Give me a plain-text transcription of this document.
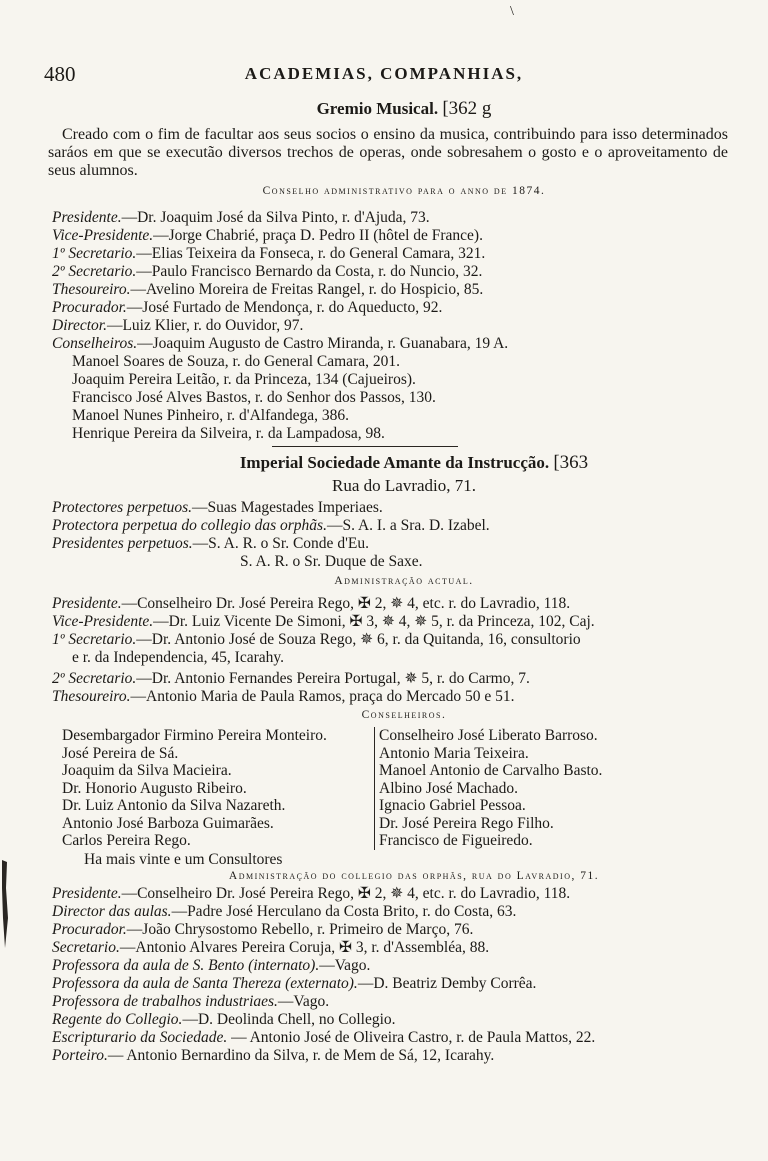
\
480	ACADEMIAS, COMPANHIAS,
Gremio Musical. [362 g
Creado com o fim de facultar aos seus socios o ensino da musica, contribuindo para isso determinados saráos em que se executão diversos trechos de operas, onde sobresahem o gosto e o aproveitamento de seus alumnos.
Conselho administrativo para o anno de 1874.
Presidente.—Dr. Joaquim José da Silva Pinto, r. d'Ajuda, 73.
Vice-Presidente.—Jorge Chabrié, praça D. Pedro II (hôtel de France).
1º Secretario.—Elias Teixeira da Fonseca, r. do General Camara, 321.
2º Secretario.—Paulo Francisco Bernardo da Costa, r. do Nuncio, 32.
Thesoureiro.—Avelino Moreira de Freitas Rangel, r. do Hospicio, 85.
Procurador.—José Furtado de Mendonça, r. do Aqueducto, 92.
Director.—Luiz Klier, r. do Ouvidor, 97.
Conselheiros.—Joaquim Augusto de Castro Miranda, r. Guanabara, 19 A.
Manoel Soares de Souza, r. do General Camara, 201.
Joaquim Pereira Leitão, r. da Princeza, 134 (Cajueiros).
Francisco José Alves Bastos, r. do Senhor dos Passos, 130.
Manoel Nunes Pinheiro, r. d'Alfandega, 386.
Henrique Pereira da Silveira, r. da Lampadosa, 98.
Imperial Sociedade Amante da Instrucção. [363
Rua do Lavradio, 71.
Protectores perpetuos.—Suas Magestades Imperiaes.
Protectora perpetua do collegio das orphãs.—S. A. I. a Sra. D. Izabel.
Presidentes perpetuos.—S. A. R. o Sr. Conde d'Eu.
S. A. R. o Sr. Duque de Saxe.
Administração actual.
Presidente.—Conselheiro Dr. José Pereira Rego, ✠ 2, ✵ 4, etc. r. do Lavradio, 118.
Vice-Presidente.—Dr. Luiz Vicente De Simoni, ✠ 3, ✵ 4, ✵ 5, r. da Princeza, 102, Caj.
1º Secretario.—Dr. Antonio José de Souza Rego, ✵ 6, r. da Quitanda, 16, consultorio
e r. da Independencia, 45, Icarahy.
2º Secretario.—Dr. Antonio Fernandes Pereira Portugal, ✵ 5, r. do Carmo, 7.
Thesoureiro.—Antonio Maria de Paula Ramos, praça do Mercado 50 e 51.
Conselheiros.
Desembargador Firmino Pereira Monteiro.
José Pereira de Sá.
Joaquim da Silva Macieira.
Dr. Honorio Augusto Ribeiro.
Dr. Luiz Antonio da Silva Nazareth.
Antonio José Barboza Guimarães.
Carlos Pereira Rego.
Conselheiro José Liberato Barroso.
Antonio Maria Teixeira.
Manoel Antonio de Carvalho Basto.
Albino José Machado.
Ignacio Gabriel Pessoa.
Dr. José Pereira Rego Filho.
Francisco de Figueiredo.
Ha mais vinte e um Consultores
Administração do collegio das orphãs, rua do Lavradio, 71.
Presidente.—Conselheiro Dr. José Pereira Rego, ✠ 2, ✵ 4, etc. r. do Lavradio, 118.
Director das aulas.—Padre José Herculano da Costa Brito, r. do Costa, 63.
Procurador.—João Chrysostomo Rebello, r. Primeiro de Março, 76.
Secretario.—Antonio Alvares Pereira Coruja, ✠ 3, r. d'Assembléa, 88.
Professora da aula de S. Bento (internato).—Vago.
Professora da aula de Santa Thereza (externato).—D. Beatriz Demby Corrêa.
Professora de trabalhos industriaes.—Vago.
Regente do Collegio.—D. Deolinda Chell, no Collegio.
Escripturario da Sociedade. — Antonio José de Oliveira Castro, r. de Paula Mattos, 22.
Porteiro.— Antonio Bernardino da Silva, r. de Mem de Sá, 12, Icarahy.
